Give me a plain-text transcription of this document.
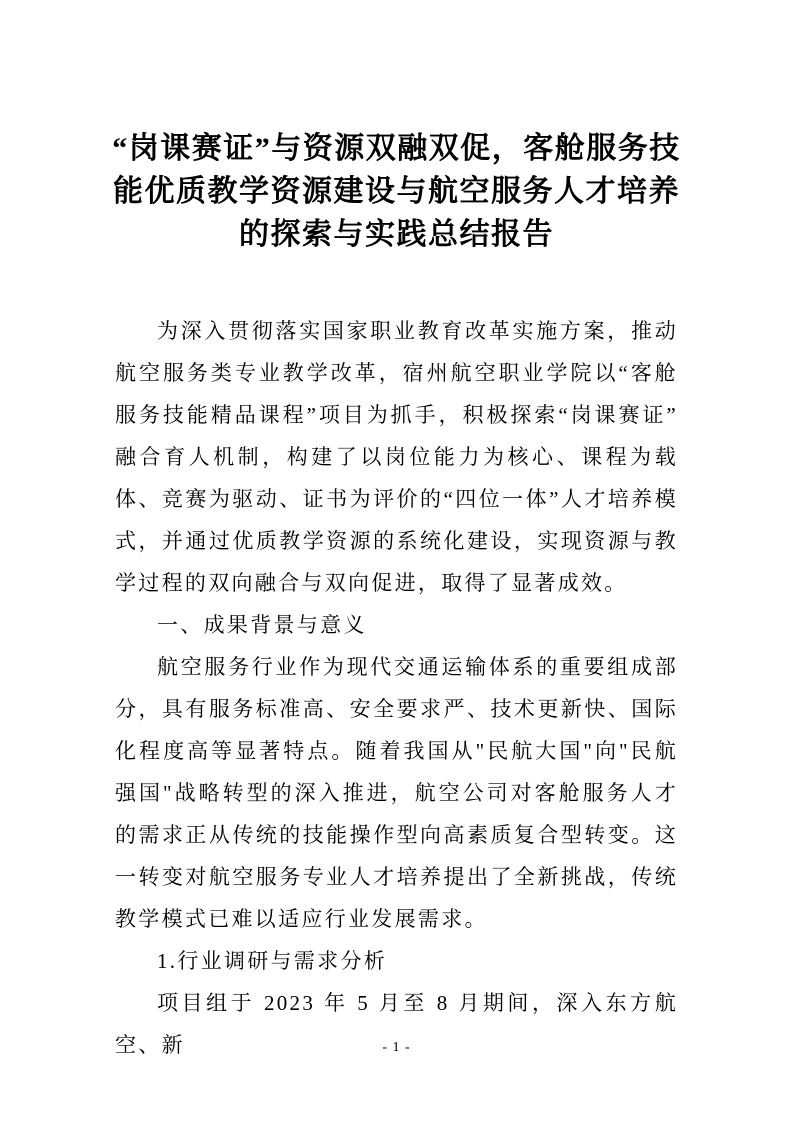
“岗课赛证”与资源双融双促，客舱服务技
能优质教学资源建设与航空服务人才培养
的探索与实践总结报告

为深入贯彻落实国家职业教育改革实施方案，推动航空服务类专业教学改革，宿州航空职业学院以“客舱服务技能精品课程”项目为抓手，积极探索“岗课赛证”融合育人机制，构建了以岗位能力为核心、课程为载体、竞赛为驱动、证书为评价的“四位一体”人才培养模式，并通过优质教学资源的系统化建设，实现资源与教学过程的双向融合与双向促进，取得了显著成效。

一、成果背景与意义

航空服务行业作为现代交通运输体系的重要组成部分，具有服务标准高、安全要求严、技术更新快、国际化程度高等显著特点。随着我国从"民航大国"向"民航强国"战略转型的深入推进，航空公司对客舱服务人才的需求正从传统的技能操作型向高素质复合型转变。这一转变对航空服务专业人才培养提出了全新挑战，传统教学模式已难以适应行业发展需求。

1.行业调研与需求分析

项目组于 2023 年 5 月至 8 月期间，深入东方航空、新	- 1 -
